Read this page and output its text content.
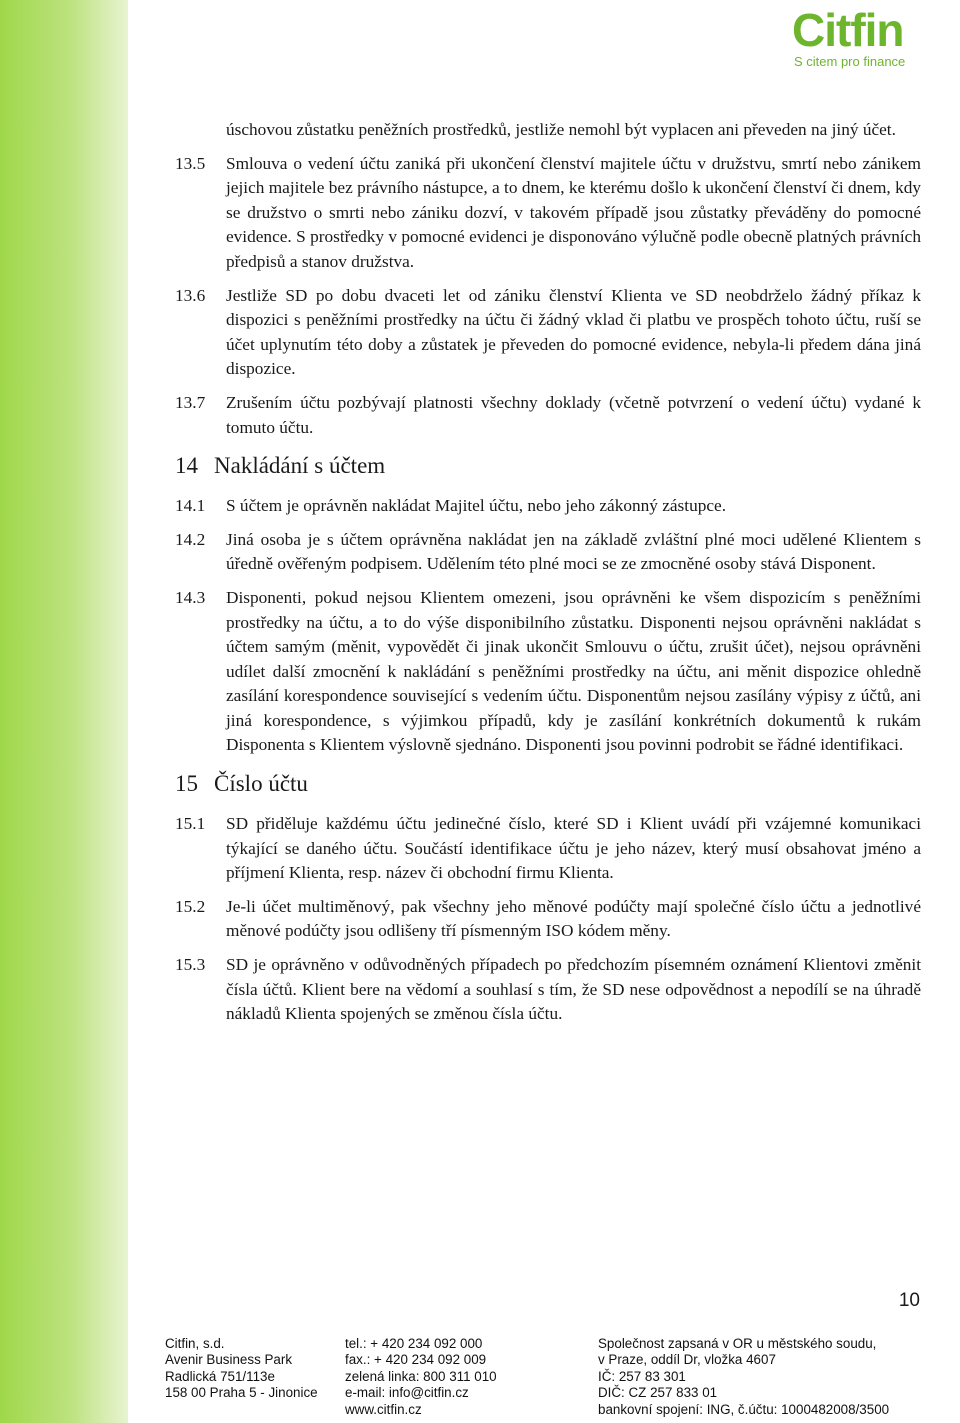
Citfin
S citem pro finance
úschovou zůstatku peněžních prostředků, jestliže nemohl být vyplacen ani převeden na jiný účet.
13.5	Smlouva o vedení účtu zaniká při ukončení členství majitele účtu v družstvu, smrtí nebo zánikem jejich majitele bez právního nástupce, a to dnem, ke kterému došlo k ukončení členství či dnem, kdy se družstvo o smrti nebo zániku dozví, v takovém případě jsou zůstatky převáděny do pomocné evidence. S prostředky v pomocné evidenci je disponováno výlučně podle obecně platných právních předpisů a stanov družstva.
13.6	Jestliže SD po dobu dvaceti let od zániku členství Klienta ve SD neobdrželo žádný příkaz k dispozici s peněžními prostředky na účtu či žádný vklad či platbu ve prospěch tohoto účtu, ruší se účet uplynutím této doby a zůstatek je převeden do pomocné evidence, nebyla-li předem dána jiná dispozice.
13.7	Zrušením účtu pozbývají platnosti všechny doklady (včetně potvrzení o vedení účtu) vydané k tomuto účtu.
14 Nakládání s účtem
14.1	S účtem je oprávněn nakládat Majitel účtu, nebo jeho zákonný zástupce.
14.2	Jiná osoba je s účtem oprávněna nakládat jen na základě zvláštní plné moci udělené Klientem s úředně ověřeným podpisem. Udělením této plné moci se ze zmocněné osoby stává Disponent.
14.3	Disponenti, pokud nejsou Klientem omezeni, jsou oprávněni ke všem dispozicím s peněžními prostředky na účtu, a to do výše disponibilního zůstatku. Disponenti nejsou oprávněni nakládat s účtem samým (měnit, vypovědět či jinak ukončit Smlouvu o účtu, zrušit účet), nejsou oprávněni udílet další zmocnění k nakládání s peněžními prostředky na účtu, ani měnit dispozice ohledně zasílání korespondence související s vedením účtu. Disponentům nejsou zasílány výpisy z účtů, ani jiná korespondence, s výjimkou případů, kdy je zasílání konkrétních dokumentů k rukám Disponenta s Klientem výslovně sjednáno. Disponenti jsou povinni podrobit se řádné identifikaci.
15 Číslo účtu
15.1	SD přiděluje každému účtu jedinečné číslo, které SD i Klient uvádí při vzájemné komunikaci týkající se daného účtu. Součástí identifikace účtu je jeho název, který musí obsahovat jméno a příjmení Klienta, resp. název či obchodní firmu Klienta.
15.2	Je-li účet multiměnový, pak všechny jeho měnové podúčty mají společné číslo účtu a jednotlivé měnové podúčty jsou odlišeny tří písmenným ISO kódem měny.
15.3	SD je oprávněno v odůvodněných případech po předchozím písemném oznámení Klientovi změnit čísla účtů. Klient bere na vědomí a souhlasí s tím, že SD nese odpovědnost a nepodílí se na úhradě nákladů Klienta spojených se změnou čísla účtu.
10
Citfin, s.d.
Avenir Business Park
Radlická 751/113e
158 00 Praha 5 - Jinonice
tel.: + 420 234 092 000
fax.: + 420 234 092 009
zelená linka: 800 311 010
e-mail: info@citfin.cz
www.citfin.cz
Společnost zapsaná v OR u městského soudu,
v Praze, oddíl Dr, vložka 4607
IČ: 257 83 301
DIČ: CZ 257 833 01
bankovní spojení: ING, č.účtu: 1000482008/3500
